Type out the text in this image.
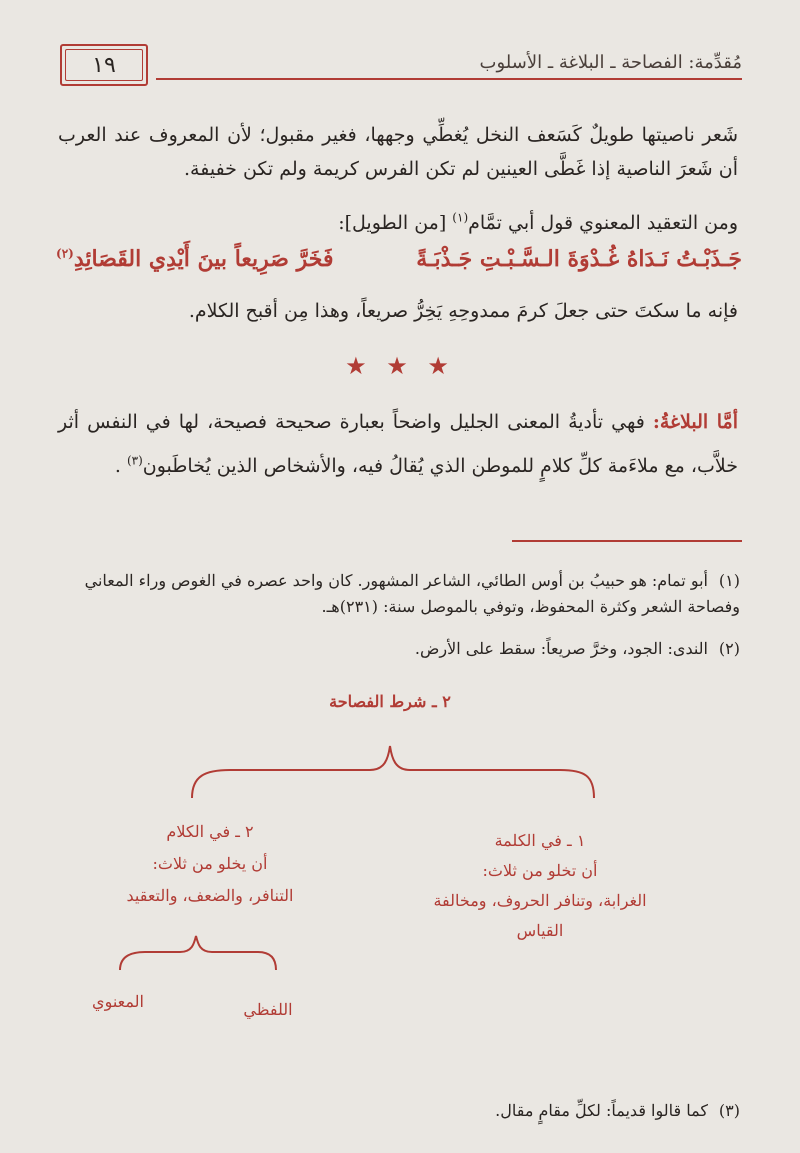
مُقدِّمة: الفصاحة ـ البلاغة ـ الأسلوب
١٩
شَعر ناصيتها طويلٌ كَسَعف النخل يُغطِّي وجهها، فغير مقبول؛ لأن المعروف عند العرب أن شَعرَ الناصية إذا غَطَّى العينين لم تكن الفرس كريمة ولم تكن خفيفة.
ومن التعقيد المعنوي قول أبي تمَّام$^{(١)}$ [من الطويل]:
جَـذَبْـتُ نَـدَاهُ غُـدْوَةَ الـسَّـبْـتِ جَـذْبَـةً
فَخَرَّ صَرِيعاً بينَ أَيْدِي القَصَائِدِ$^{(٢)}$
فإنه ما سكتَ حتى جعلَ كرمَ ممدوحِهِ يَخِرُّ صريعاً، وهذا مِن أقبح الكلام.
★ ★ ★
أمَّا البلاغةُ: فهي تأديةُ المعنى الجليل واضحاً بعبارة صحيحة فصيحة، لها في النفس أثر خلاَّب، مع ملاءَمة كلِّ كلامٍ للموطن الذي يُقالُ فيه، والأشخاص الذين يُخاطَبون$^{(٣)}$ .
(١)أبو تمام: هو حبيبُ بن أوس الطائي، الشاعر المشهور. كان واحد عصره في الغوص وراء المعاني وفصاحة الشعر وكثرة المحفوظ، وتوفي بالموصل سنة: (٢٣١)هـ.
(٢)الندى: الجود، وخرَّ صريعاً: سقط على الأرض.
٢ ـ شرط الفصاحة
٢ ـ في الكلام
أن يخلو من ثلاث:
التنافر، والضعف، والتعقيد
١ ـ في الكلمة
أن تخلو من ثلاث:
الغرابة، وتنافر الحروف، ومخالفة
القياس
اللفظي
المعنوي
(٣)كما قالوا قديماً: لكلِّ مقامٍ مقال.
